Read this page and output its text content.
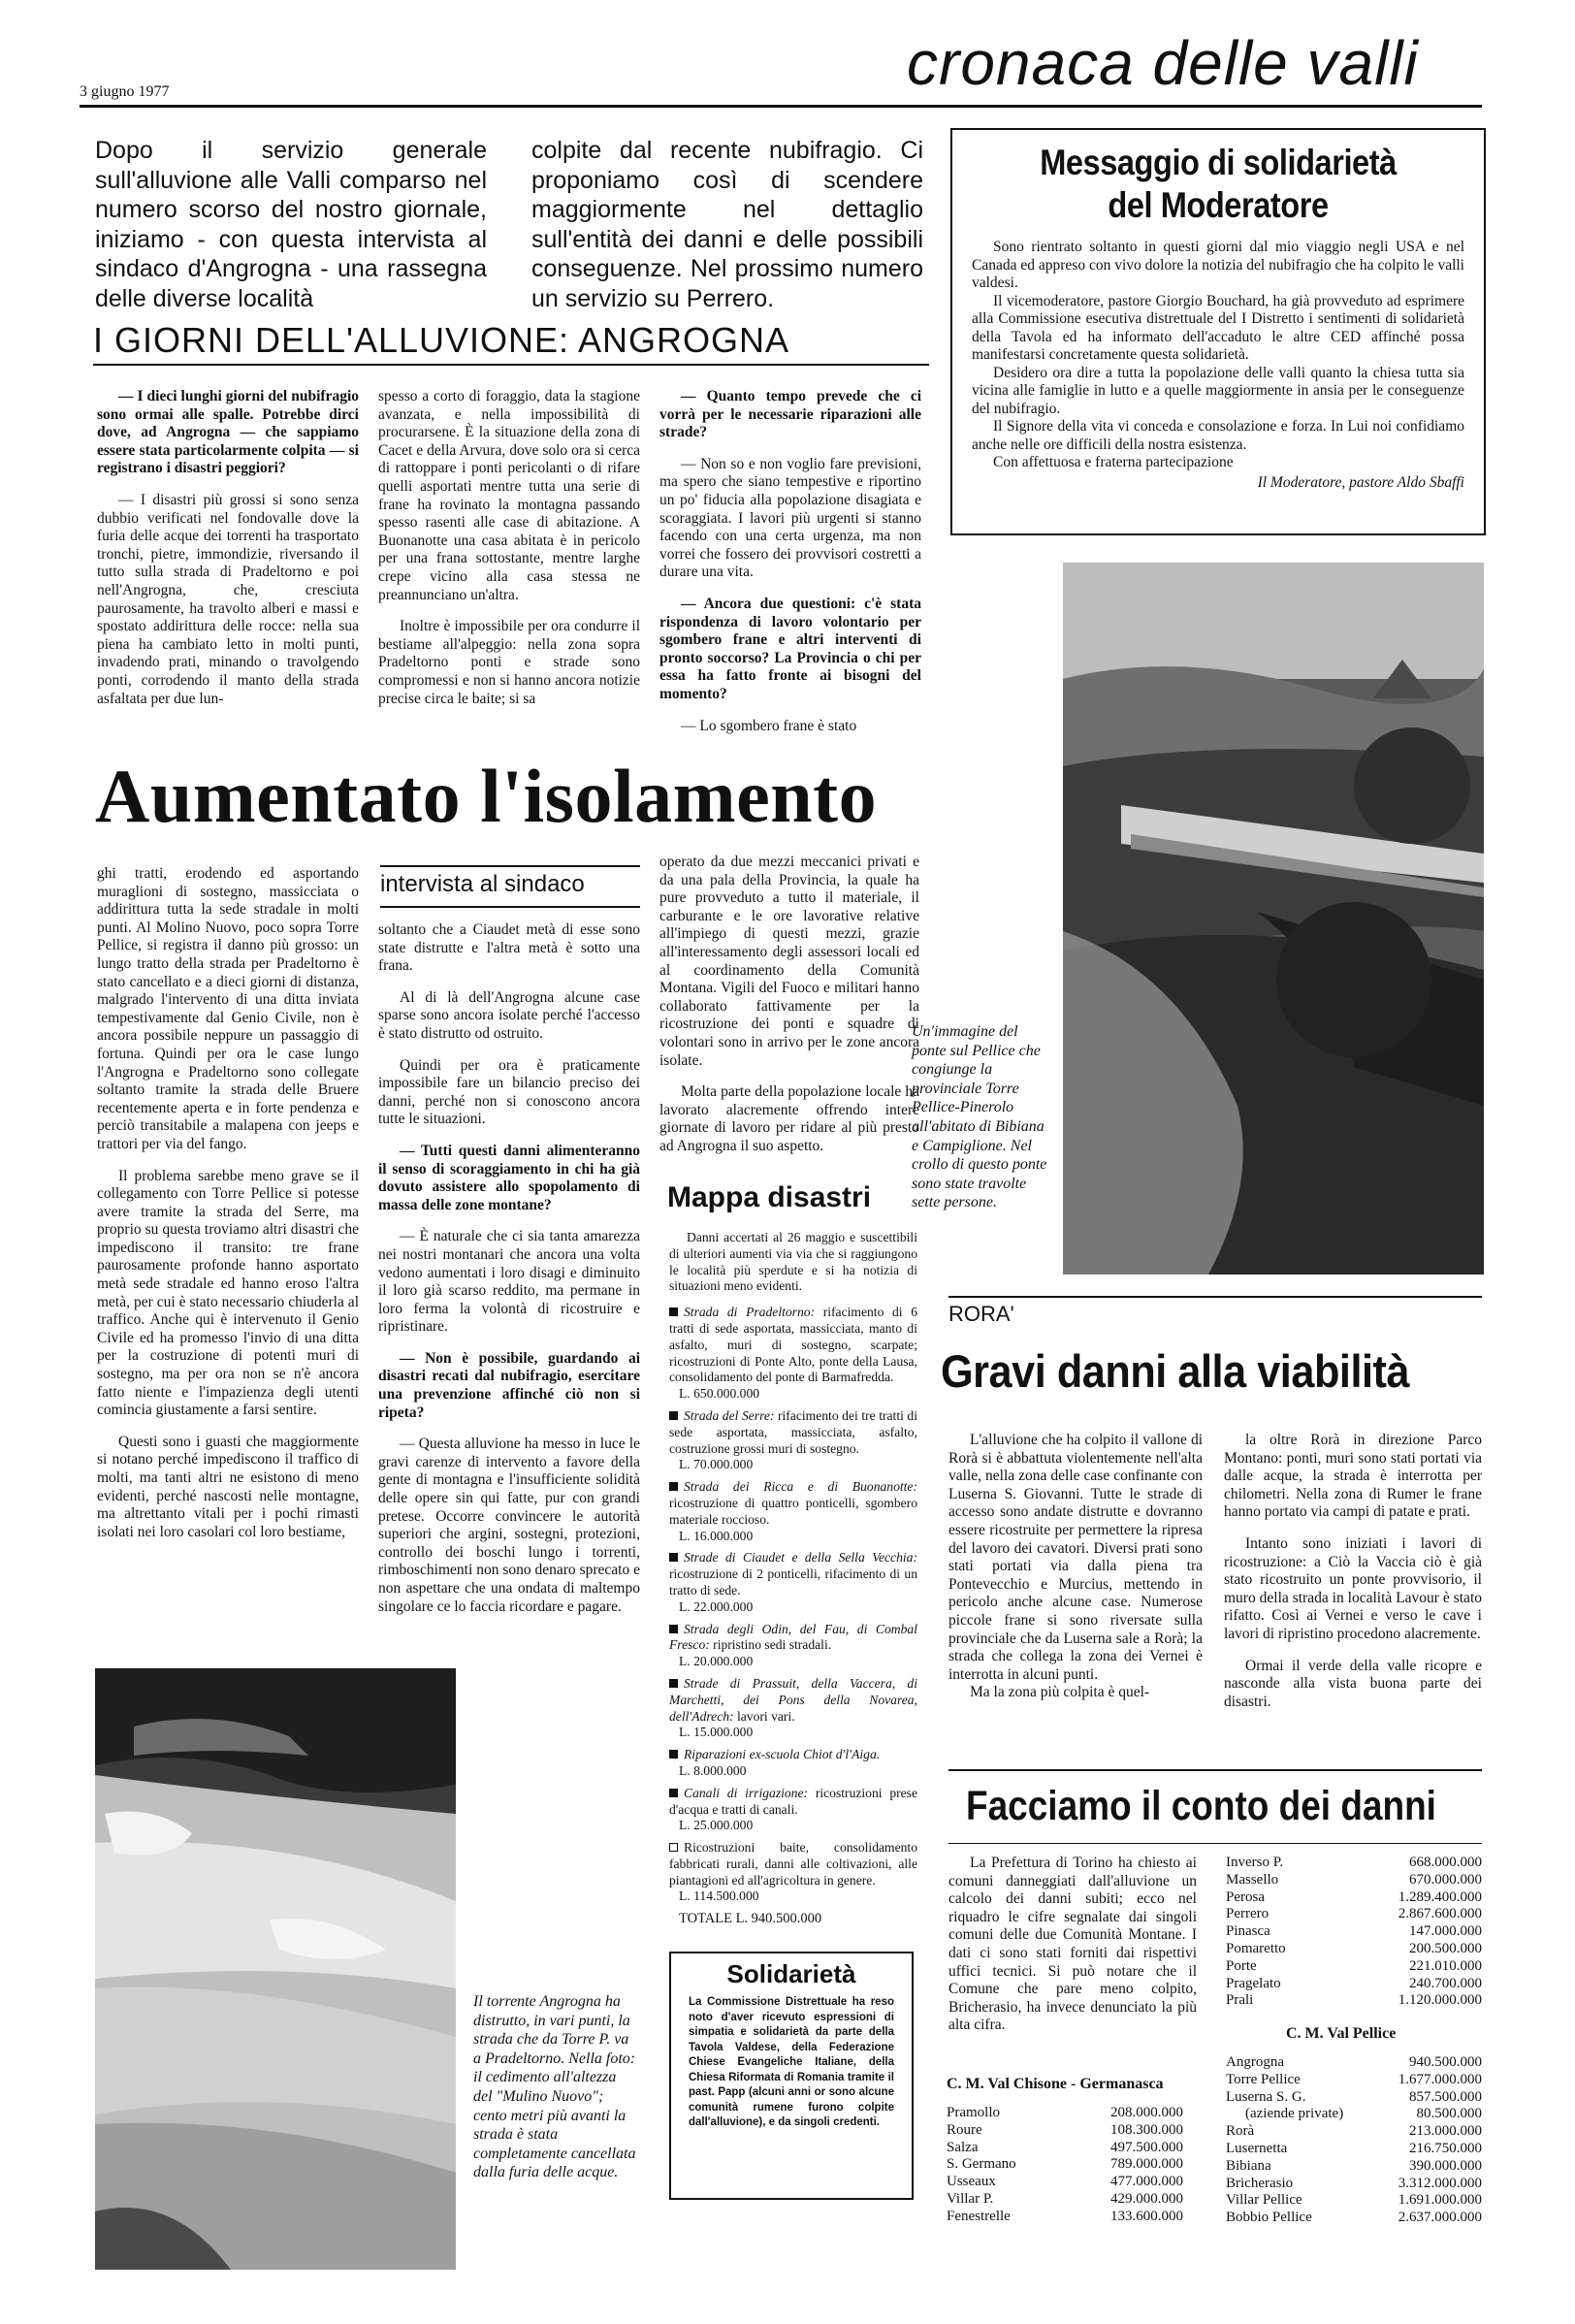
3 giugno 1977	cronaca delle valli
Dopo il servizio generale sull'alluvione alle Valli comparso nel numero scorso del nostro giornale, iniziamo - con questa intervista al sindaco d'Angrogna - una rassegna delle diverse località
colpite dal recente nubifragio. Ci proponiamo così di scendere maggiormente nel dettaglio sull'entità dei danni e delle possibili conseguenze. Nel prossimo numero un servizio su Perrero.
I GIORNI DELL'ALLUVIONE: ANGROGNA

— I dieci lunghi giorni del nubifragio sono ormai alle spalle. Potrebbe dirci dove, ad Angrogna — che sappiamo essere stata particolarmente colpita — si registrano i disastri peggiori?

— I disastri più grossi si sono senza dubbio verificati nel fondovalle dove la furia delle acque dei torrenti ha trasportato tronchi, pietre, immondizie, riversando il tutto sulla strada di Pradeltorno e poi nell'Angrogna, che, cresciuta paurosamente, ha travolto alberi e massi e spostato addirittura delle rocce: nella sua piena ha cambiato letto in molti punti, invadendo prati, minando o travolgendo ponti, corrodendo il manto della strada asfaltata per due lun-

spesso a corto di foraggio, data la stagione avanzata, e nella impossibilità di procurarsene. È la situazione della zona di Cacet e della Arvura, dove solo ora si cerca di rattoppare i ponti pericolanti o di rifare quelli asportati mentre tutta una serie di frane ha rovinato la montagna passando spesso rasenti alle case di abitazione. A Buonanotte una casa abitata è in pericolo per una frana sottostante, mentre larghe crepe vicino alla casa stessa ne preannunciano un'altra.

Inoltre è impossibile per ora condurre il bestiame all'alpeggio: nella zona sopra Pradeltorno ponti e strade sono compromessi e non si hanno ancora notizie precise circa le baite; si sa

— Quanto tempo prevede che ci vorrà per le necessarie riparazioni alle strade?

— Non so e non voglio fare previsioni, ma spero che siano tempestive e riportino un po' fiducia alla popolazione disagiata e scoraggiata. I lavori più urgenti si stanno facendo con una certa urgenza, ma non vorrei che fossero dei provvisori costretti a durare una vita.

— Ancora due questioni: c'è stata rispondenza di lavoro volontario per sgombero frane e altri interventi di pronto soccorso? La Provincia o chi per essa ha fatto fronte ai bisogni del momento?

— Lo sgombero frane è stato

Messaggio di solidarietà
del Moderatore

Sono rientrato soltanto in questi giorni dal mio viaggio negli USA e nel Canada ed appreso con vivo dolore la notizia del nubifragio che ha colpito le valli valdesi.

Il vicemoderatore, pastore Giorgio Bouchard, ha già provveduto ad esprimere alla Commissione esecutiva distrettuale del I Distretto i sentimenti di solidarietà della Tavola ed ha informato dell'accaduto le altre CED affinché possa manifestarsi concretamente questa solidarietà.

Desidero ora dire a tutta la popolazione delle valli quanto la chiesa tutta sia vicina alle famiglie in lutto e a quelle maggiormente in ansia per le conseguenze del nubifragio.

Il Signore della vita vi conceda e consolazione e forza. In Lui noi confidiamo anche nelle ore difficili della nostra esistenza.

Con affettuosa e fraterna partecipazione

Il Moderatore, pastore Aldo Sbaffi
Un'immagine del ponte sul Pellice che congiunge la provinciale Torre Pellice-Pinerolo all'abitato di Bibiana e Campiglione. Nel crollo di questo ponte sono state travolte sette persone.
Aumentato l'isolamento

ghi tratti, erodendo ed asportando muraglioni di sostegno, massicciata o addirittura tutta la sede stradale in molti punti. Al Molino Nuovo, poco sopra Torre Pellice, si registra il danno più grosso: un lungo tratto della strada per Pradeltorno è stato cancellato e a dieci giorni di distanza, malgrado l'intervento di una ditta inviata tempestivamente dal Genio Civile, non è ancora possibile neppure un passaggio di fortuna. Quindi per ora le case lungo l'Angrogna e Pradeltorno sono collegate soltanto tramite la strada delle Bruere recentemente aperta e in forte pendenza e perciò transitabile a malapena con jeeps e trattori per via del fango.

Il problema sarebbe meno grave se il collegamento con Torre Pellice si potesse avere tramite la strada del Serre, ma proprio su questa troviamo altri disastri che impediscono il transito: tre frane paurosamente profonde hanno asportato metà sede stradale ed hanno eroso l'altra metà, per cui è stato necessario chiuderla al traffico. Anche qui è intervenuto il Genio Civile ed ha promesso l'invio di una ditta per la costruzione di potenti muri di sostegno, ma per ora non se n'è ancora fatto niente e l'impazienza degli utenti comincia giustamente a farsi sentire.

Questi sono i guasti che maggiormente si notano perché impediscono il traffico di molti, ma tanti altri ne esistono di meno evidenti, perché nascosti nelle montagne, ma altrettanto vitali per i pochi rimasti isolati nei loro casolari col loro bestiame,

intervista al sindaco

soltanto che a Ciaudet metà di esse sono state distrutte e l'altra metà è sotto una frana.

Al di là dell'Angrogna alcune case sparse sono ancora isolate perché l'accesso è stato distrutto od ostruito.

Quindi per ora è praticamente impossibile fare un bilancio preciso dei danni, perché non si conoscono ancora tutte le situazioni.

— Tutti questi danni alimenteranno il senso di scoraggiamento in chi ha già dovuto assistere allo spopolamento di massa delle zone montane?

— È naturale che ci sia tanta amarezza nei nostri montanari che ancora una volta vedono aumentati i loro disagi e diminuito il loro già scarso reddito, ma permane in loro ferma la volontà di ricostruire e ripristinare.

— Non è possibile, guardando ai disastri recati dal nubifragio, esercitare una prevenzione affinché ciò non si ripeta?

— Questa alluvione ha messo in luce le gravi carenze di intervento a favore della gente di montagna e l'insufficiente solidità delle opere sin qui fatte, pur con grandi pretese. Occorre convincere le autorità superiori che argini, sostegni, protezioni, controllo dei boschi lungo i torrenti, rimboschimenti non sono denaro sprecato e non aspettare che una ondata di maltempo singolare ce lo faccia ricordare e pagare.

operato da due mezzi meccanici privati e da una pala della Provincia, la quale ha pure provveduto a tutto il materiale, il carburante e le ore lavorative relative all'impiego di questi mezzi, grazie all'interessamento degli assessori locali ed al coordinamento della Comunità Montana. Vigili del Fuoco e militari hanno collaborato fattivamente per la ricostruzione dei ponti e squadre di volontari sono in arrivo per le zone ancora isolate.

Molta parte della popolazione locale ha lavorato alacremente offrendo intere giornate di lavoro per ridare al più presto ad Angrogna il suo aspetto.

Mappa disastri
Danni accertati al 26 maggio e suscettibili di ulteriori aumenti via via che si raggiungono le località più sperdute e si ha notizia di situazioni meno evidenti.
Strada di Pradeltorno: rifacimento di 6 tratti di sede asportata, massicciata, manto di asfalto, muri di sostegno, scarpate; ricostruzioni di Ponte Alto, ponte della Lausa, consolidamento del ponte di Barmafredda.
L. 650.000.000
Strada del Serre: rifacimento dei tre tratti di sede asportata, massicciata, asfalto, costruzione grossi muri di sostegno.
L. 70.000.000
Strada dei Ricca e di Buonanotte: ricostruzione di quattro ponticelli, sgombero materiale roccioso.
L. 16.000.000
Strade di Ciaudet e della Sella Vecchia: ricostruzione di 2 ponticelli, rifacimento di un tratto di sede.
L. 22.000.000
Strada degli Odin, del Fau, di Combal Fresco: ripristino sedi stradali.
L. 20.000.000
Strade di Prassuit, della Vaccera, di Marchetti, dei Pons della Novarea, dell'Adrech: lavori vari.
L. 15.000.000
Riparazioni ex-scuola Chiot d'l'Aiga.
L. 8.000.000
Canali di irrigazione: ricostruzioni prese d'acqua e tratti di canali.
L. 25.000.000
Ricostruzioni baite, consolidamento fabbricati rurali, danni alle coltivazioni, alle piantagioni ed all'agricoltura in genere.
L. 114.500.000
TOTALE L. 940.500.000
Solidarietà
La Commissione Distrettuale ha reso noto d'aver ricevuto espressioni di simpatia e solidarietà da parte della Tavola Valdese, della Federazione Chiese Evangeliche Italiane, della Chiesa Riformata di Romania tramite il past. Papp (alcuni anni or sono alcune comunità rumene furono colpite dall'alluvione), e da singoli credenti.
Il torrente Angrogna ha distrutto, in vari punti, la strada che da Torre P. va a Pradeltorno. Nella foto: il cedimento all'altezza del "Mulino Nuovo"; cento metri più avanti la strada è stata completamente cancellata dalla furia delle acque.
RORA'
Gravi danni alla viabilità

L'alluvione che ha colpito il vallone di Rorà si è abbattuta violentemente nell'alta valle, nella zona delle case confinante con Luserna S. Giovanni. Tutte le strade di accesso sono andate distrutte e dovranno essere ricostruite per permettere la ripresa del lavoro dei cavatori. Diversi prati sono stati portati via dalla piena tra Pontevecchio e Murcius, mettendo in pericolo anche alcune case. Numerose piccole frane si sono riversate sulla provinciale che da Luserna sale a Rorà; la strada che collega la zona dei Vernei è interrotta in alcuni punti.

Ma la zona più colpita è quel-

la oltre Rorà in direzione Parco Montano: ponti, muri sono stati portati via dalle acque, la strada è interrotta per chilometri. Nella zona di Rumer le frane hanno portato via campi di patate e prati.

Intanto sono iniziati i lavori di ricostruzione: a Ciò la Vaccia ciò è già stato ricostruito un ponte provvisorio, il muro della strada in località Lavour è stato rifatto. Così ai Vernei e verso le cave i lavori di ripristino procedono alacremente.

Ormai il verde della valle ricopre e nasconde alla vista buona parte dei disastri.

Facciamo il conto dei danni
La Prefettura di Torino ha chiesto ai comuni danneggiati dall'alluvione un calcolo dei danni subiti; ecco nel riquadro le cifre segnalate dai singoli comuni delle due Comunità Montane. I dati ci sono stati forniti dai rispettivi uffici tecnici. Si può notare che il Comune che pare meno colpito, Bricherasio, ha invece denunciato la più alta cifra.
C. M. Val Chisone - Germanasca
Pramollo	208.000.000
Roure	108.300.000
Salza	497.500.000
S. Germano	789.000.000
Usseaux	477.000.000
Villar P.	429.000.000
Fenestrelle	133.600.000
Inverso P.	668.000.000
Massello	670.000.000
Perosa	1.289.400.000
Perrero	2.867.600.000
Pinasca	147.000.000
Pomaretto	200.500.000
Porte	221.010.000
Pragelato	240.700.000
Prali	1.120.000.000
C. M. Val Pellice
Angrogna	940.500.000
Torre Pellice	1.677.000.000
Luserna S. G.	857.500.000
(aziende private)	80.500.000
Rorà	213.000.000
Lusernetta	216.750.000
Bibiana	390.000.000
Bricherasio	3.312.000.000
Villar Pellice	1.691.000.000
Bobbio Pellice	2.637.000.000
